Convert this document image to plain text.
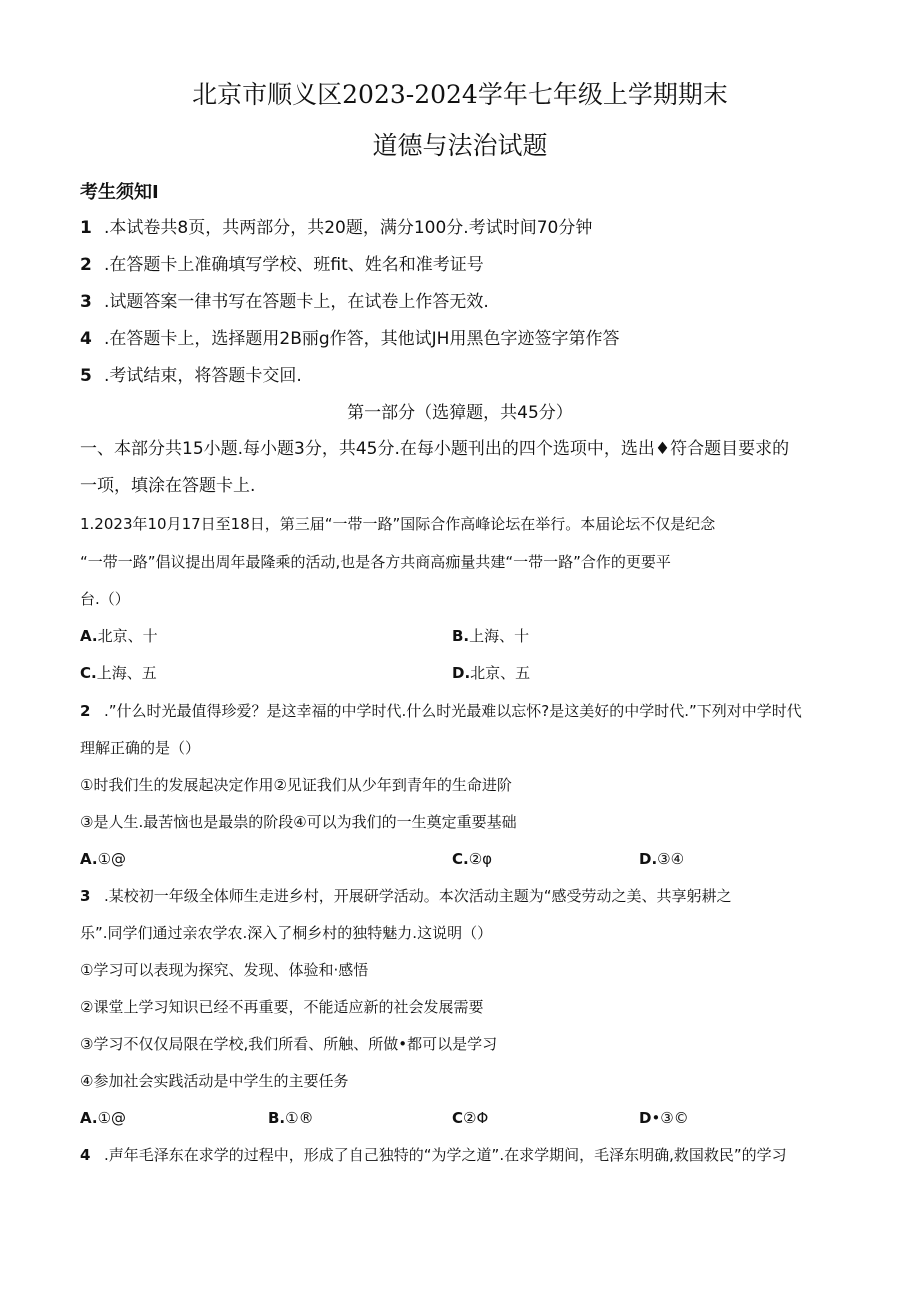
北京市顺义区2023-2024学年七年级上学期期末
道德与法治试题
考生须知I
1 .本试卷共8页，共两部分，共20题，满分100分.考试时间70分钟
2 .在答题卡上准确填写学校、班fit、姓名和准考证号
3 .试题答案一律书写在答题卡上，在试卷上作答无效.
4 .在答题卡上，选择题用2B丽g作答，其他试JH用黑色字迹签字第作答
5 .考试结束，将答题卡交回.
第一部分（选獐题，共45分）
一、本部分共15小题.每小题3分，共45分.在每小题刊出的四个选项中，选出♦符合题目要求的
一项，填涂在答题卡上.
1.2023年10月17日至18日，第三届“一带一路”国际合作高峰论坛在举行。本届论坛不仅是纪念
“一带一路”倡议提出周年最隆乘的活动,也是各方共商高痂量共建“一带一路”合作的更要平
台.（）
A.北京、十	B.上海、十
C.上海、五	D.北京、五
2 .”什么时光最值得珍爱？是这幸福的中学时代.什么时光最难以忘怀?是这美好的中学时代.”下列对中学时代
理解正确的是（）
①时我们生的发展起决定作用②见证我们从少年到青年的生命进阶
③是人生.最苦恼也是最祟的阶段④可以为我们的一生奠定重要基础
A.①@	C.②φ	D.③④
3 .某校初一年级全体师生走进乡村，开展研学活动。本次活动主题为“感受劳动之美、共享躬耕之
乐”.同学们通过亲农学农.深入了桐乡村的独特魅力.这说明（）
①学习可以表现为探究、发现、体验和·感悟
②课堂上学习知识已经不再重要，不能适应新的社会发展需要
③学习不仅仅局限在学校,我们所看、所触、所做•都可以是学习
④参加社会实践活动是中学生的主要任务
A.①@	B.①®	C②Φ	D•③©
4 .声年毛泽东在求学的过程中，形成了自己独特的“为学之道”.在求学期间，毛泽东明确,救国救民”的学习
